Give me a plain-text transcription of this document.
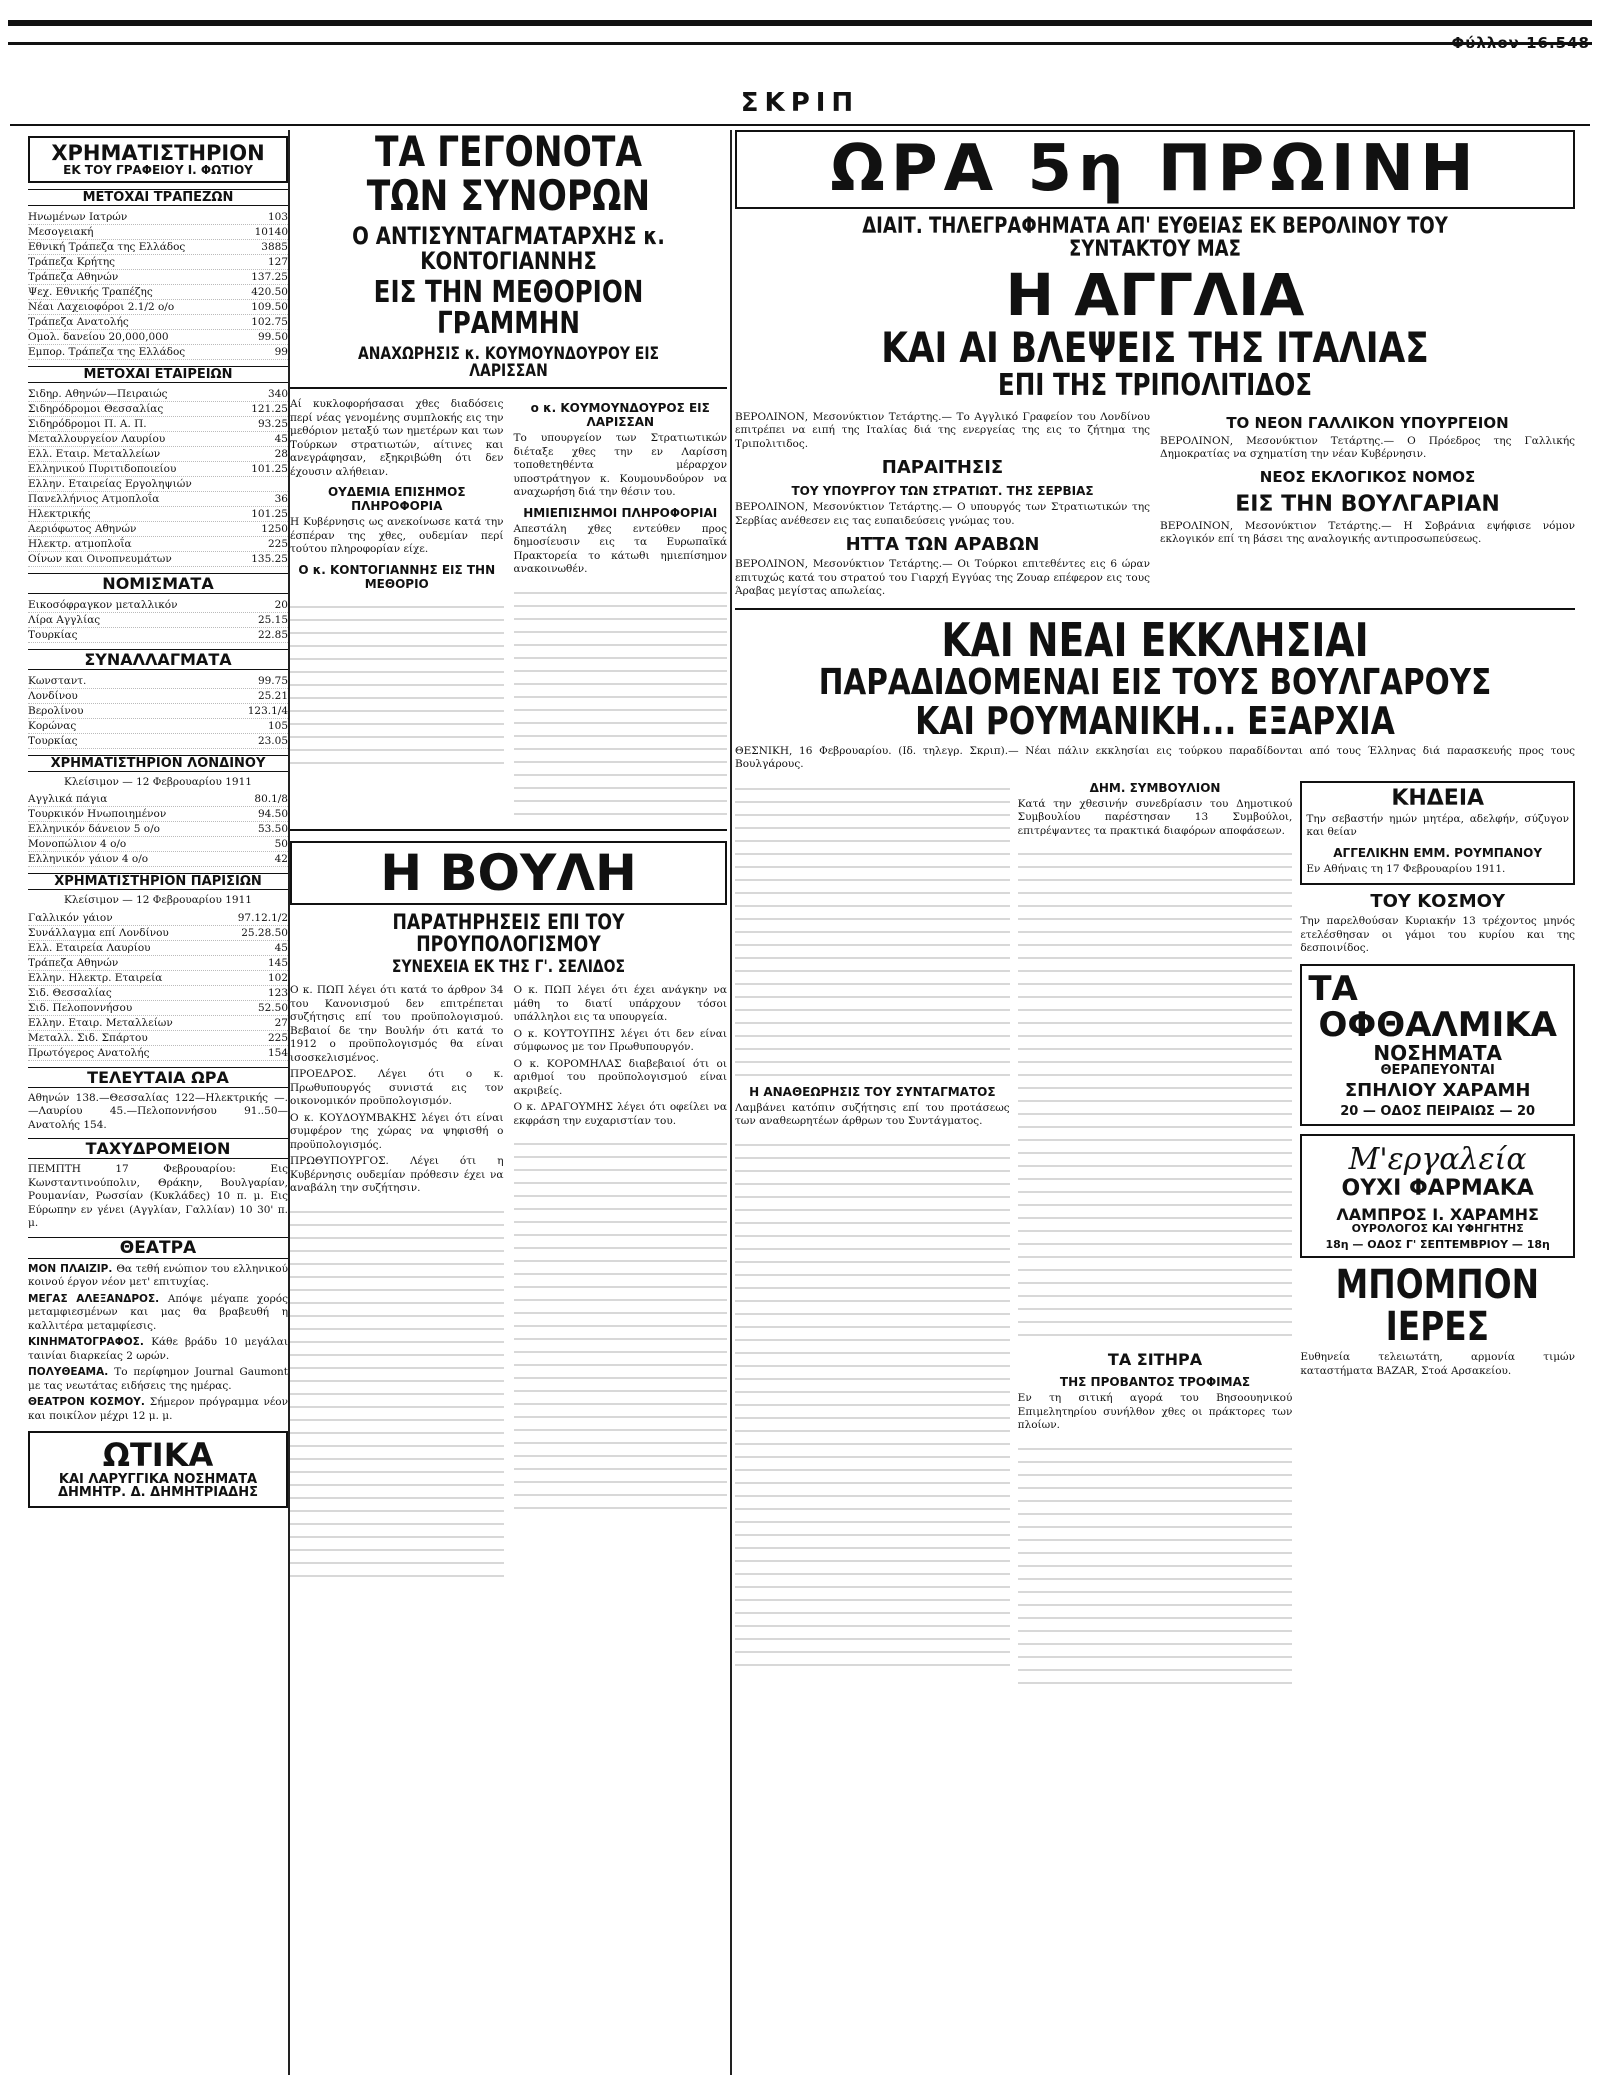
Φύλλον 16.548
ΣΚΡΙΠ
ΧΡΗΜΑΤΙΣΤΗΡΙΟΝ
ΕΚ ΤΟΥ ΓΡΑΦΕΙΟΥ Ι. ΦΩΤΙΟΥ
ΜΕΤΟΧΑΙ ΤΡΑΠΕΖΩΝ
Ηνωμένων Ιατρών	103
Μεσογειακή	10140
Εθνική Τράπεζα της Ελλάδος	3885
Τράπεζα Κρήτης	127
Τράπεζα Αθηνών	137.25
Ψεχ. Εθνικής Τραπέζης	420.50
Νέαι Λαχειοφόροι 2.1/2 ο/ο	109.50
Τράπεζα Ανατολής	102.75
Ομολ. δανείου 20,000,000	99.50
Εμπορ. Τράπεζα της Ελλάδος	99
ΜΕΤΟΧΑΙ ΕΤΑΙΡΕΙΩΝ
Σιδηρ. Αθηνών—Πειραιώς	340
Σιδηρόδρομοι Θεσσαλίας	121.25
Σιδηρόδρομοι Π. Α. Π.	93.25
Μεταλλουργείον Λαυρίου	45
Ελλ. Εταιρ. Μεταλλείων	28
Ελληνικού Πυριτιδοποιείου	101.25
Ελλην. Εταιρείας Εργοληψιών
Πανελλήνιος Ατμοπλοΐα	36
Ηλεκτρικής	101.25
Αεριόφωτος Αθηνών	1250
Ηλεκτρ. ατμοπλοΐα	225
Οίνων και Οινοπνευμάτων	135.25
ΝΟΜΙΣΜΑΤΑ
Εικοσόφραγκον μεταλλικόν	20
Λίρα Αγγλίας	25.15
Τουρκίας	22.85
ΣΥΝΑΛΛΑΓΜΑΤΑ
Κωνσταντ.	99.75
Λονδίνου	25.21
Βερολίνου	123.1/4
Κορώνας	105
Τουρκίας	23.05
ΧΡΗΜΑΤΙΣΤΗΡΙΟΝ ΛΟΝΔΙΝΟΥ
Κλείσιμον — 12 Φεβρουαρίου 1911
Αγγλικά πάγια	80.1/8
Τουρκικόν Ηνωποιημένον	94.50
Ελληνικόν δάνειον 5 ο/ο	53.50
Μονοπώλιον 4 ο/ο	50
Ελληνικόν γάιον 4 ο/ο	42
ΧΡΗΜΑΤΙΣΤΗΡΙΟΝ ΠΑΡΙΣΙΩΝ
Κλείσιμον — 12 Φεβρουαρίου 1911
Γαλλικόν γάιον	97.12.1/2
Συνάλλαγμα επί Λονδίνου	25.28.50
Ελλ. Εταιρεία Λαυρίου	45
Τράπεζα Αθηνών	145
Ελλην. Ηλεκτρ. Εταιρεία	102
Σιδ. Θεσσαλίας	123
Σιδ. Πελοποννήσου	52.50
Ελλην. Εταιρ. Μεταλλείων	27
Μεταλλ. Σιδ. Σπάρτου	225
Πρωτόγερος Ανατολής	154
ΤΕΛΕΥΤΑΙΑ ΩΡΑ
Αθηνών 138.—Θεσσαλίας 122—Ηλεκτρικής —.—Λαυρίου 45.—Πελοποννήσου 91..50—Ανατολής 154.
ΤΑΧΥΔΡΟΜΕΙΟΝ
ΠΕΜΠΤΗ 17 Φεβρουαρίου: Εις Κωνσταντινούπολιν, Θράκην, Βουλγαρίαν, Ρουμανίαν, Ρωσσίαν (Κυκλάδες) 10 π. μ. Εις Εύρωπην εν γένει (Αγγλίαν, Γαλλίαν) 10 30' π. μ.
ΘΕΑΤΡΑ

ΜΟΝ ΠΛΑΙΖΙΡ. Θα τεθή ενώπιον του ελληνικού κοινού έργον νέον μετ' επιτυχίας.

ΜΕΓΑΣ ΑΛΕΞΑΝΔΡΟΣ. Απόψε μέγαπε χορός μεταμφιεσμένων και μας θα βραβευθή η καλλιτέρα μεταμφίεσις.

ΚΙΝΗΜΑΤΟΓΡΑΦΟΣ. Κάθε βράδυ 10 μεγάλαι ταινίαι διαρκείας 2 ωρών.

ΠΟΛΥΘΕΑΜΑ. Το περίφημον Journal Gaumont με τας νεωτάτας ειδήσεις της ημέρας.

ΘΕΑΤΡΟΝ ΚΟΣΜΟΥ. Σήμερον πρόγραμμα νέον και ποικίλον μέχρι 12 μ. μ.

ΩΤΙΚΑ
ΚΑΙ ΛΑΡΥΓΓΙΚΑ ΝΟΣΗΜΑΤΑ
ΔΗΜΗΤΡ. Δ. ΔΗΜΗΤΡΙΑΔΗΣ
ΤΑ ΓΕΓΟΝΟΤΑ ΤΩΝ ΣΥΝΟΡΩΝ
Ο ΑΝΤΙΣΥΝΤΑΓΜΑΤΑΡΧΗΣ κ. ΚΟΝΤΟΓΙΑΝΝΗΣ
ΕΙΣ ΤΗΝ ΜΕΘΟΡΙΟΝ ΓΡΑΜΜΗΝ
ΑΝΑΧΩΡΗΣΙΣ κ. ΚΟΥΜΟΥΝΔΟΥΡΟΥ ΕΙΣ ΛΑΡΙΣΣΑΝ

Αί κυκλοφορήσασαι χθες διαδόσεις περί νέας γενομένης συμπλοκής εις την μεθόριον μεταξύ των ημετέρων και των Τούρκων στρατιωτών, αίτινες και ανεγράφησαν, εξηκριβώθη ότι δεν έχουσιν αλήθειαν.

ΟΥΔΕΜΙΑ ΕΠΙΣΗΜΟΣ ΠΛΗΡΟΦΟΡΙΑ

Η Κυβέρνησις ως ανεκοίνωσε κατά την έσπέραν της χθες, ουδεμίαν περί τούτου πληροφορίαν είχε.

Ο κ. ΚΟΝΤΟΓΙΑΝΝΗΣ ΕΙΣ ΤΗΝ ΜΕΘΟΡΙΟ
ο κ. ΚΟΥΜΟΥΝΔΟΥΡΟΣ ΕΙΣ ΛΑΡΙΣΣΑΝ

Το υπουργείον των Στρατιωτικών διέταξε χθες την εν Λαρίσση τοποθετηθέντα μέραρχον υποστράτηγον κ. Κουμουνδούρον να αναχωρήση διά την θέσιν του.

ΗΜΙΕΠΙΣΗΜΟΙ ΠΛΗΡΟΦΟΡΙΑΙ

Απεστάλη χθες εντεύθεν προς δημοσίευσιν εις τα Ευρωπαϊκά Πρακτορεία το κάτωθι ημιεπίσημον ανακοινωθέν.

Η ΒΟΥΛΗ
ΠΑΡΑΤΗΡΗΣΕΙΣ ΕΠΙ ΤΟΥ ΠΡΟΥΠΟΛΟΓΙΣΜΟΥ
ΣΥΝΕΧΕΙΑ ΕΚ ΤΗΣ Γ'. ΣΕΛΙΔΟΣ

Ο κ. ΠΩΠ λέγει ότι κατά το άρθρον 34 του Κανονισμού δεν επιτρέπεται συζήτησις επί του προϋπολογισμού. Βεβαιοί δε την Βουλήν ότι κατά το 1912 ο προϋπολογισμός θα είναι ισοσκελισμένος.

ΠΡΟΕΔΡΟΣ. Λέγει ότι ο κ. Πρωθυπουργός συνιστά εις τον οικονομικόν προϋπολογισμόν.

Ο κ. ΚΟΥΔΟΥΜΒΑΚΗΣ λέγει ότι είναι συμφέρον της χώρας να ψηφισθή ο προϋπολογισμός.

ΠΡΩΘΥΠΟΥΡΓΟΣ. Λέγει ότι η Κυβέρνησις ουδεμίαν πρόθεσιν έχει να αναβάλη την συζήτησιν.

Ο κ. ΠΩΠ λέγει ότι έχει ανάγκην να μάθη το διατί υπάρχουν τόσοι υπάλληλοι εις τα υπουργεία.

Ο κ. ΚΟΥΤΟΥΠΗΣ λέγει ότι δεν είναι σύμφωνος με τον Πρωθυπουργόν.

Ο κ. ΚΟΡΟΜΗΛΑΣ διαβεβαιοί ότι οι αριθμοί του προϋπολογισμού είναι ακριβείς.

Ο κ. ΔΡΑΓΟΥΜΗΣ λέγει ότι οφείλει να εκφράση την ευχαριστίαν του.

ΩΡΑ 5η ΠΡΩΙΝΗ
ΔΙΑΙΤ. ΤΗΛΕΓΡΑΦΗΜΑΤΑ ΑΠ' ΕΥΘΕΙΑΣ ΕΚ ΒΕΡΟΛΙΝΟΥ ΤΟΥ ΣΥΝΤΑΚΤΟΥ ΜΑΣ
Η ΑΓΓΛΙΑ
ΚΑΙ ΑΙ ΒΛΕΨΕΙΣ ΤΗΣ ΙΤΑΛΙΑΣ
ΕΠΙ ΤΗΣ ΤΡΙΠΟΛΙΤΙΔΟΣ

ΒΕΡΟΛΙΝΟΝ, Μεσονύκτιον Τετάρτης.— Το Αγγλικό Γραφείον του Λονδίνου επιτρέπει να ειπή της Ιταλίας διά της ενεργείας της εις το ζήτημα της Τριπολιτιδος.

ΠΑΡΑΙΤΗΣΙΣ
ΤΟΥ ΥΠΟΥΡΓΟΥ ΤΩΝ ΣΤΡΑΤΙΩΤ. ΤΗΣ ΣΕΡΒΙΑΣ

ΒΕΡΟΛΙΝΟΝ, Μεσονύκτιον Τετάρτης.— Ο υπουργός των Στρατιωτικών της Σερβίας ανέθεσεν εις τας ευπαιδεύσεις γνώμας του.

ΗΤΤΑ ΤΩΝ ΑΡΑΒΩΝ

ΒΕΡΟΛΙΝΟΝ, Μεσονύκτιον Τετάρτης.— Οι Τούρκοι επιτεθέντες εις 6 ώραν επιτυχώς κατά του στρατού του Γιαρχή Εγγύας της Ζουαρ επέφερον εις τους Άραβας μεγίστας απωλείας.

ΤΟ ΝΕΟΝ ΓΑΛΛΙΚΟΝ ΥΠΟΥΡΓΕΙΟΝ

ΒΕΡΟΛΙΝΟΝ, Μεσονύκτιον Τετάρτης.— Ο Πρόεδρος της Γαλλικής Δημοκρατίας να σχηματίση την νέαν Κυβέρνησιν.

ΝΕΟΣ ΕΚΛΟΓΙΚΟΣ ΝΟΜΟΣ
ΕΙΣ ΤΗΝ ΒΟΥΛΓΑΡΙΑΝ

ΒΕΡΟΛΙΝΟΝ, Μεσονύκτιον Τετάρτης.— Η Σοβράνια εψήφισε νόμον εκλογικόν επί τη βάσει της αναλογικής αντιπροσωπεύσεως.

ΚΑΙ ΝΕΑΙ ΕΚΚΛΗΣΙΑΙ
ΠΑΡΑΔΙΔΟΜΕΝΑΙ ΕΙΣ ΤΟΥΣ ΒΟΥΛΓΑΡΟΥΣ
ΚΑΙ ΡΟΥΜΑΝΙΚΗ... ΕΞΑΡΧΙΑ

ΘΕΣΝΙΚΗ, 16 Φεβρουαρίου. (Ιδ. τηλεγρ. Σκριπ).— Νέαι πάλιν εκκλησίαι εις τούρκου παραδίδονται από τους Έλληνας διά παρασκευής προς τους Βουλγάρους.

Η ΑΝΑΘΕΩΡΗΣΙΣ ΤΟΥ ΣΥΝΤΑΓΜΑΤΟΣ

Λαμβάνει κατόπιν συζήτησις επί του προτάσεως των αναθεωρητέων άρθρων του Συντάγματος.

ΔΗΜ. ΣΥΜΒΟΥΛΙΟΝ

Κατά την χθεσινήν συνεδρίασιν του Δημοτικού Συμβουλίου παρέστησαν 13 Συμβούλοι, επιτρέψαντες τα πρακτικά διαφόρων αποφάσεων.

ΤΑ ΣΙΤΗΡΑ
ΤΗΣ ΠΡΟΒΑΝΤΟΣ ΤΡΟΦΙΜΑΣ

Εν τη σιτική αγορά του Βησοουηνικού Επιμελητηρίου συνήλθον χθες οι πράκτορες των πλοίων.

ΚΗΔΕΙΑ

Την σεβαστήν ημών μητέρα, αδελφήν, σύζυγον και θείαν

ΑΓΓΕΛΙΚΗΝ ΕΜΜ. ΡΟΥΜΠΑΝΟΥ

Εν Αθήναις τη 17 Φεβρουαρίου 1911.

ΤΟΥ ΚΟΣΜΟΥ

Την παρελθούσαν Κυριακήν 13 τρέχοντος μηνός ετελέσθησαν οι γάμοι του κυρίου και της δεσποινίδος.

ΤΑ
ΟΦΘΑΛΜΙΚΑ
ΝΟΣΗΜΑΤΑ
ΘΕΡΑΠΕΥΟΝΤΑΙ
ΣΠΗΛΙΟΥ ΧΑΡΑΜΗ
20 — ΟΔΟΣ ΠΕΙΡΑΙΩΣ — 20
Μ'εργαλεία
ΟΥΧΙ ΦΑΡΜΑΚΑ
ΛΑΜΠΡΟΣ Ι. ΧΑΡΑΜΗΣ
ΟΥΡΟΛΟΓΟΣ ΚΑΙ ΥΦΗΓΗΤΗΣ
18η — ΟΔΟΣ Γ' ΣΕΠΤΕΜΒΡΙΟΥ — 18η
ΜΠΟΜΠΟΝ ΙΕΡΕΣ

Ευθηνεία τελειωτάτη, αρμονία τιμών καταστήματα BAZAR, Στοά Αρσακείου.
